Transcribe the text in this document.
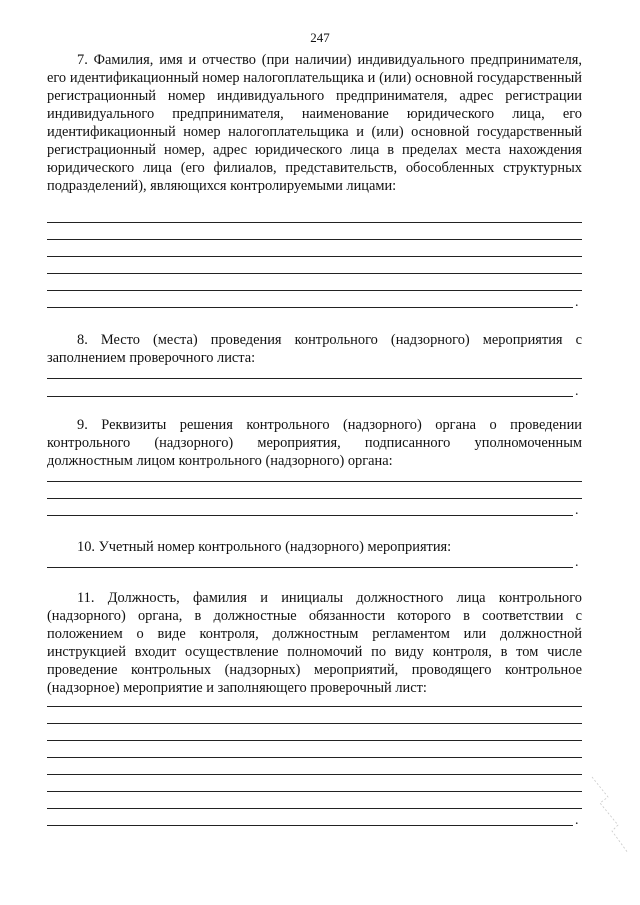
247
7. Фамилия, имя и отчество (при наличии) индивидуального предпринимателя, его идентификационный номер налогоплательщика и (или) основной государственный регистрационный номер индивидуального предпринимателя, адрес регистрации индивидуального предпринимателя, наименование юридического лица, его идентификационный номер налогоплательщика и (или) основной государственный регистрационный номер, адрес юридического лица в пределах места нахождения юридического лица (его филиалов, представительств, обособленных структурных подразделений), являющихся контролируемыми лицами:
.
8. Место (места) проведения контрольного (надзорного) мероприятия с заполнением проверочного листа:
.
9. Реквизиты решения контрольного (надзорного) органа о проведении контрольного (надзорного) мероприятия, подписанного уполномоченным должностным лицом контрольного (надзорного) органа:
.
10. Учетный номер контрольного (надзорного) мероприятия:
.
11. Должность, фамилия и инициалы должностного лица контрольного (надзорного) органа, в должностные обязанности которого в соответствии с положением о виде контроля, должностным регламентом или должностной инструкцией входит осуществление полномочий по виду контроля, в том числе проведение контрольных (надзорных) мероприятий, проводящего контрольное (надзорное) мероприятие и заполняющего проверочный лист:
.
